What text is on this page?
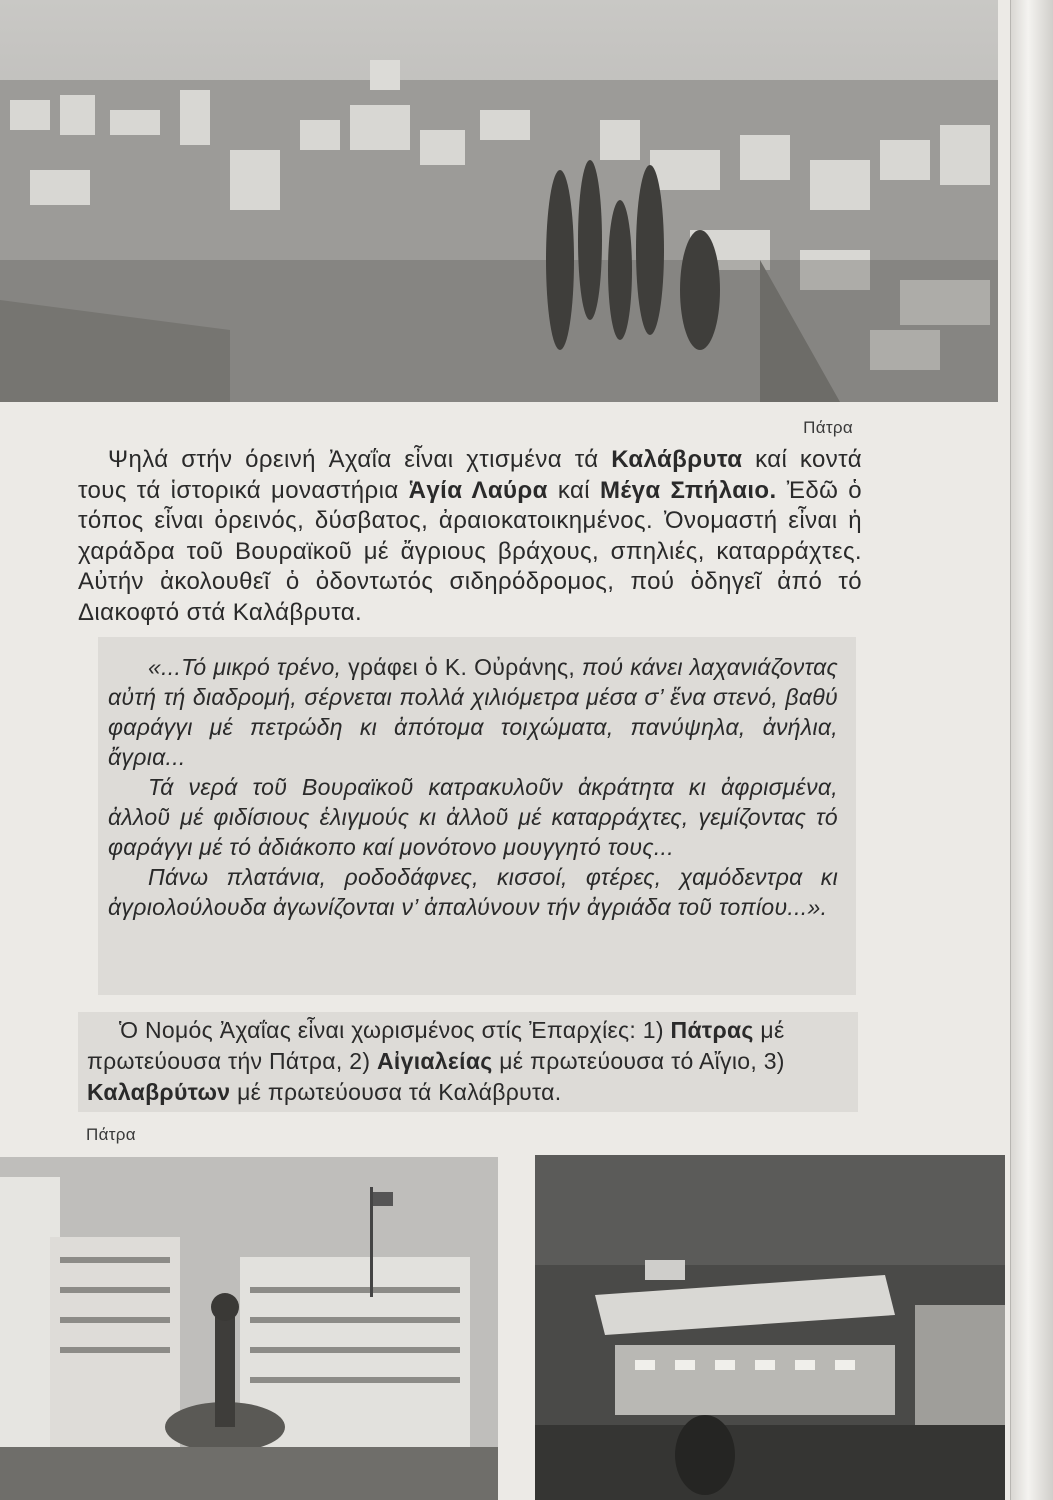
Πάτρα

Ψηλά στήν όρεινή Ἀχαΐα εἶναι χτισμένα τά Καλάβρυτα καί κοντά τους τά ἱστορικά μοναστήρια Ἁγία Λαύρα καί Μέγα Σπήλαιο. Ἐδῶ ὁ τόπος εἶναι ὀρεινός, δύσβατος, ἀραιοκατοικημένος. Ὀνομαστή εἶναι ἡ χαράδρα τοῦ Βουραϊκοῦ μέ ἄγριους βράχους, σπηλιές, καταρράχτες. Αὐτήν ἀκολουθεῖ ὁ ὀδοντωτός σιδηρόδρομος, πού ὁδηγεῖ ἀπό τό Διακοφτό στά Καλάβρυτα.

«...Τό μικρό τρένο, γράφει ὁ Κ. Οὐράνης, πού κάνει λαχανιάζοντας αὐτή τή διαδρομή, σέρνεται πολλά χιλιόμετρα μέσα σ’ ἕνα στενό, βαθύ φαράγγι μέ πετρώδη κι ἀπότομα τοιχώματα, πανύψηλα, ἀνήλια, ἄγρια...

Τά νερά τοῦ Βουραϊκοῦ κατρακυλοῦν ἀκράτητα κι ἀφρισμένα, ἀλλοῦ μέ φιδίσιους ἑλιγμούς κι ἀλλοῦ μέ καταρράχτες, γεμίζοντας τό φαράγγι μέ τό ἀδιάκοπο καί μονότονο μουγγητό τους...

Πάνω πλατάνια, ροδοδάφνες, κισσοί, φτέρες, χαμόδεντρα κι ἀγριολούλουδα ἀγωνίζονται ν’ ἀπαλύνουν τήν ἀγριάδα τοῦ τοπίου...».

Ὁ Νομός Ἀχαΐας εἶναι χωρισμένος στίς Ἐπαρχίες: 1) Πάτρας μέ πρωτεύουσα τήν Πάτρα, 2) Αἰγιαλείας μέ πρωτεύουσα τό Αἴγιο, 3) Καλαβρύτων μέ πρωτεύουσα τά Καλάβρυτα.

Πάτρα
